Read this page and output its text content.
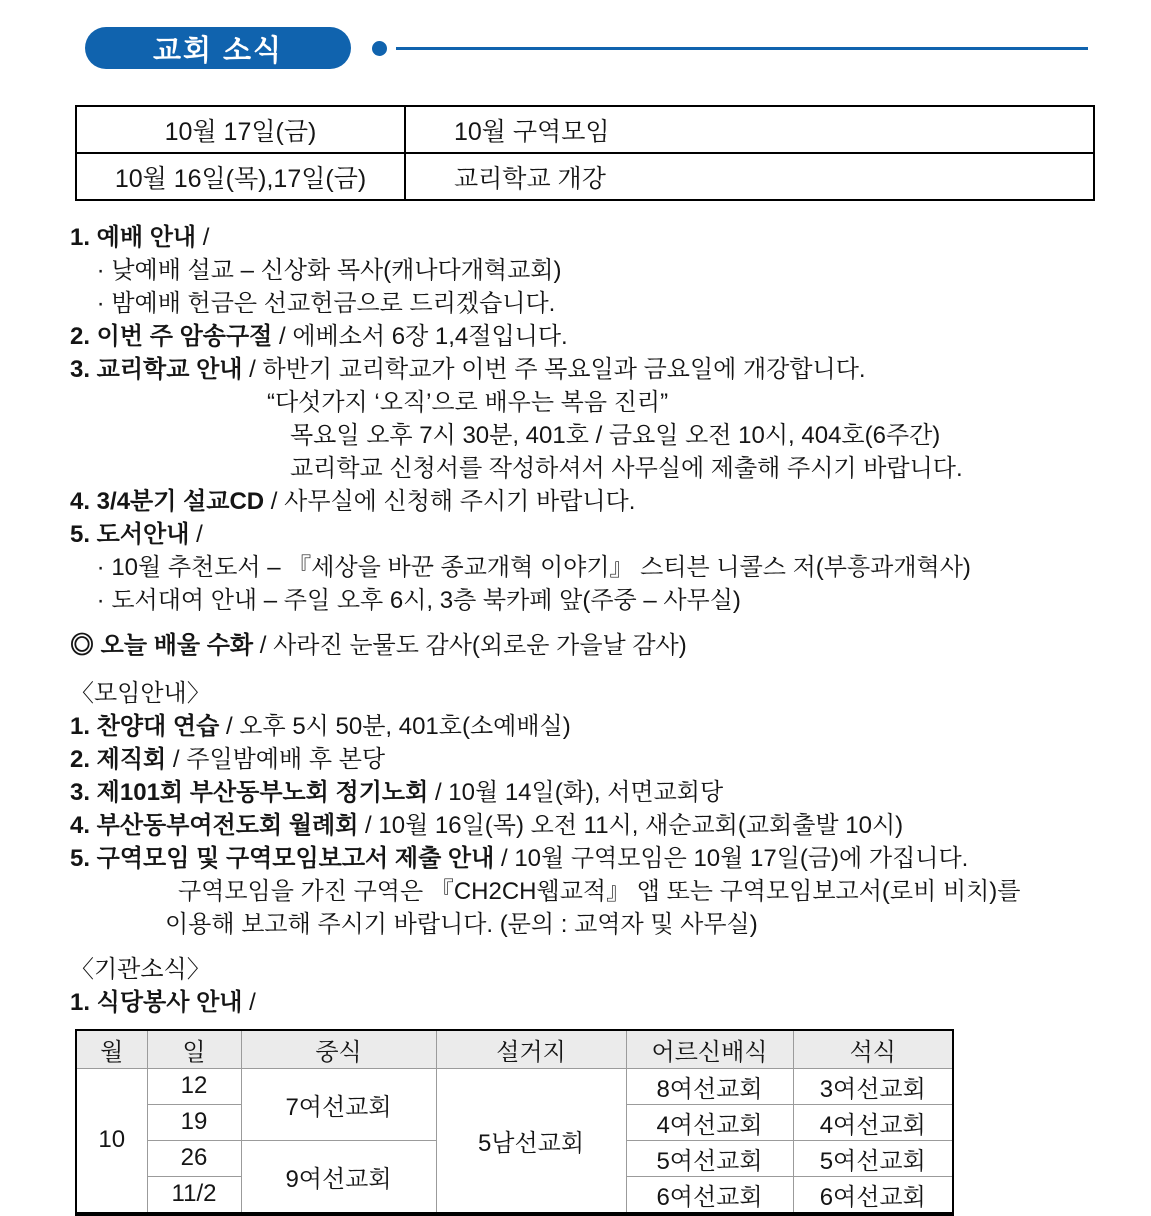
교회 소식
10월 17일(금)	10월 구역모임
10월 16일(목),17일(금)	교리학교 개강
1. 예배 안내 /
· 낮예배 설교 – 신상화 목사(캐나다개혁교회)
· 밤예배 헌금은 선교헌금으로 드리겠습니다.
2. 이번 주 암송구절 / 에베소서 6장 1,4절입니다.
3. 교리학교 안내 / 하반기 교리학교가 이번 주 목요일과 금요일에 개강합니다.
“다섯가지 ‘오직’으로 배우는 복음 진리”
목요일 오후 7시 30분, 401호 / 금요일 오전 10시, 404호(6주간)
교리학교 신청서를 작성하셔서 사무실에 제출해 주시기 바랍니다.
4. 3/4분기 설교CD / 사무실에 신청해 주시기 바랍니다.
5. 도서안내 /
· 10월 추천도서 – 『세상을 바꾼 종교개혁 이야기』 스티븐 니콜스 저(부흥과개혁사)
· 도서대여 안내 – 주일 오후 6시, 3층 북카페 앞(주중 – 사무실)
◎ 오늘 배울 수화 / 사라진 눈물도 감사(외로운 가을날 감사)
〈모임안내〉
1. 찬양대 연습 / 오후 5시 50분, 401호(소예배실)
2. 제직회 / 주일밤예배 후 본당
3. 제101회 부산동부노회 정기노회 / 10월 14일(화), 서면교회당
4. 부산동부여전도회 월례회 / 10월 16일(목) 오전 11시, 새순교회(교회출발 10시)
5. 구역모임 및 구역모임보고서 제출 안내 / 10월 구역모임은 10월 17일(금)에 가집니다.
구역모임을 가진 구역은 『CH2CH웹교적』 앱 또는 구역모임보고서(로비 비치)를
이용해 보고해 주시기 바랍니다. (문의 : 교역자 및 사무실)
〈기관소식〉
1. 식당봉사 안내 /
월	일	중식	설거지	어르신배식	석식
10	12	7여선교회	5남선교회	8여선교회	3여선교회
	19			4여선교회	4여선교회
	26	9여선교회		5여선교회	5여선교회
	11/2			6여선교회	6여선교회
